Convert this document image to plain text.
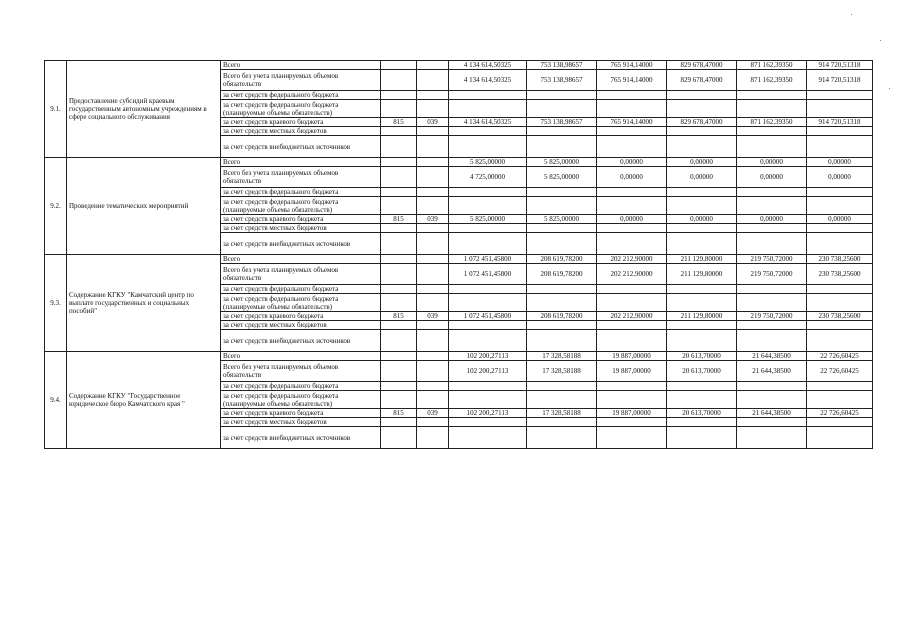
9.1.	Предоставление субсидий краевым государственным автономным учреждениям в сфере социального обслуживания	Всего			4 134 614,50325	753 138,98657	765 914,14000	829 678,47000	871 162,39350	914 720,51318
		Всего без учета планируемых объемов обязательств			4 134 614,50325	753 138,98657	765 914,14000	829 678,47000	871 162,39350	914 720,51318
		за счет средств федерального бюджета								
		за счет средств федерального бюджета (планируемые объемы обязательств)								
		за счет средств краевого бюджета	815	039	4 134 614,50325	753 138,98657	765 914,14000	829 678,47000	871 162,39350	914 720,51318
		за счет средств местных бюджетов								
		за счет средств внебюджетных источников								
9.2.	Проведение тематических мероприятий	Всего			5 825,00000	5 825,00000	0,00000	0,00000	0,00000	0,00000
		Всего без учета планируемых объемов обязательств			4 725,00000	5 825,00000	0,00000	0,00000	0,00000	0,00000
		за счет средств федерального бюджета								
		за счет средств федерального бюджета (планируемые объемы обязательств)								
		за счет средств краевого бюджета	815	039	5 825,00000	5 825,00000	0,00000	0,00000	0,00000	0,00000
		за счет средств местных бюджетов								
		за счет средств внебюджетных источников								
9.3.	Содержание КГКУ "Камчатский центр по выплате государственных и социальных пособий"	Всего			1 072 451,45800	208 619,78200	202 212,90000	211 129,80000	219 750,72000	230 738,25600
		Всего без учета планируемых объемов обязательств			1 072 451,45800	208 619,78200	202 212,90000	211 129,80000	219 750,72000	230 738,25600
		за счет средств федерального бюджета								
		за счет средств федерального бюджета (планируемые объемы обязательств)								
		за счет средств краевого бюджета	815	039	1 072 451,45800	208 619,78200	202 212,90000	211 129,80000	219 750,72000	230 738,25600
		за счет средств местных бюджетов								
		за счет средств внебюджетных источников								
9.4.	Содержание КГКУ "Государственное юридическое бюро Камчатского края "	Всего			102 200,27113	17 328,58188	19 887,00000	20 613,70000	21 644,38500	22 726,60425
		Всего без учета планируемых объемов обязательств			102 200,27113	17 328,58188	19 887,00000	20 613,70000	21 644,38500	22 726,60425
		за счет средств федерального бюджета								
		за счет средств федерального бюджета (планируемые объемы обязательств)								
		за счет средств краевого бюджета	815	039	102 200,27113	17 328,58188	19 887,00000	20 613,70000	21 644,38500	22 726,60425
		за счет средств местных бюджетов								
		за счет средств внебюджетных источников								
